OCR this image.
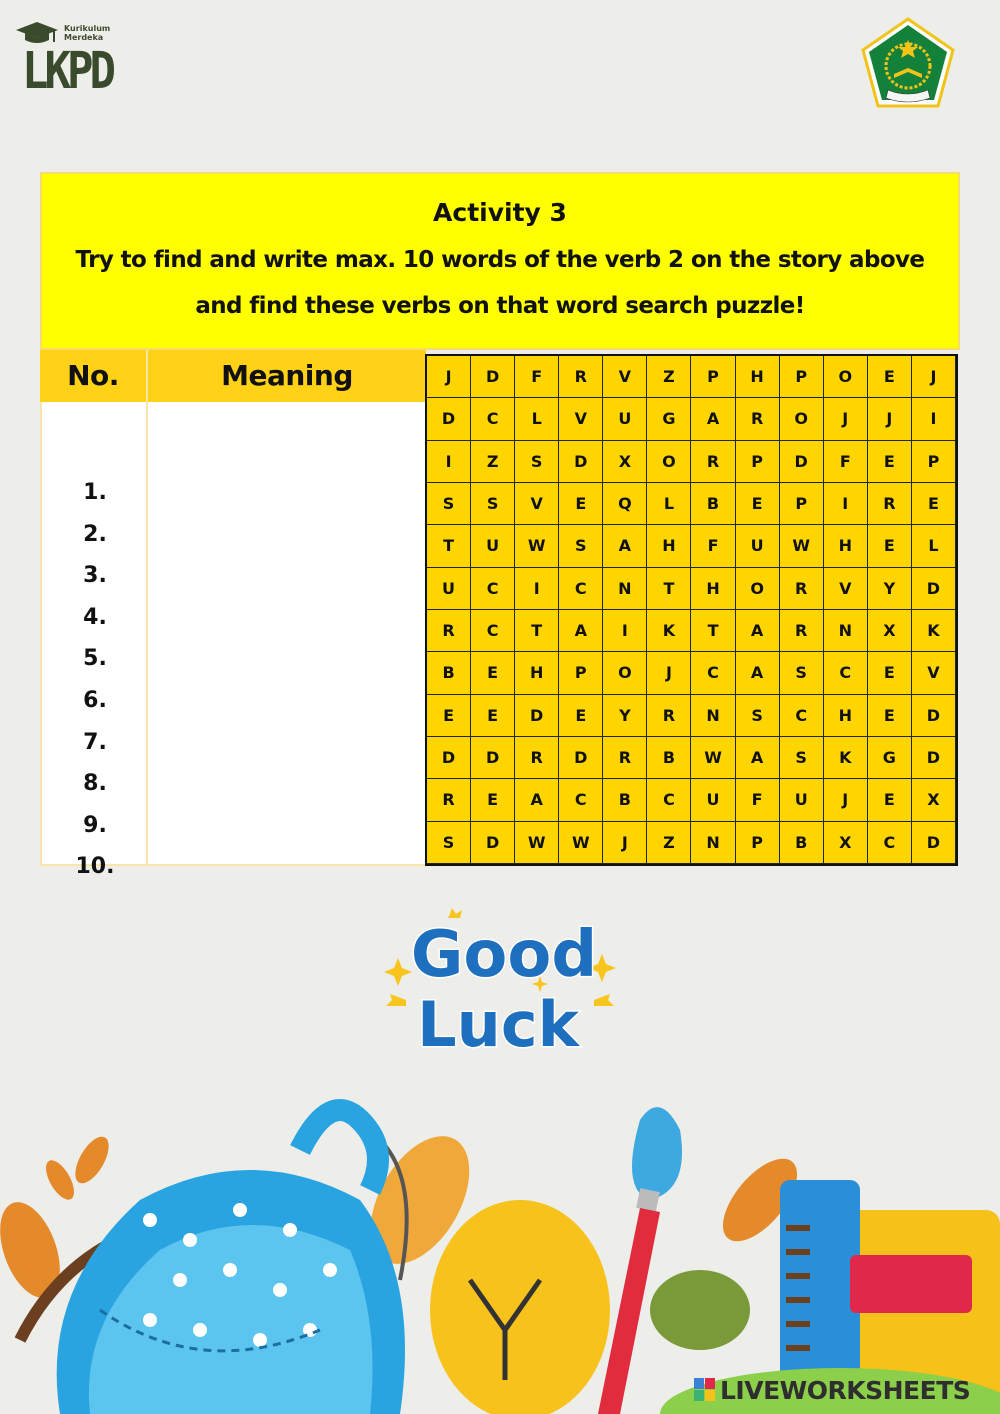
Kurikulum
Merdeka
LKPD
Activity 3
Try to find and write max. 10 words of the verb 2 on the story above and find these verbs on that word search puzzle!
No.	Meaning
1.
2.
3.
4.
5.
6.
7.
8.
9.
10.
J	D	F	R	V	Z	P	H	P	O	E	J
D	C	L	V	U	G	A	R	O	J	J	I
I	Z	S	D	X	O	R	P	D	F	E	P
S	S	V	E	Q	L	B	E	P	I	R	E
T	U	W	S	A	H	F	U	W	H	E	L
U	C	I	C	N	T	H	O	R	V	Y	D
R	C	T	A	I	K	T	A	R	N	X	K
B	E	H	P	O	J	C	A	S	C	E	V
E	E	D	E	Y	R	N	S	C	H	E	D
D	D	R	D	R	B	W	A	S	K	G	D
R	E	A	C	B	C	U	F	U	J	E	X
S	D	W	W	J	Z	N	P	B	X	C	D
Good
Luck
LIVEWORKSHEETS
